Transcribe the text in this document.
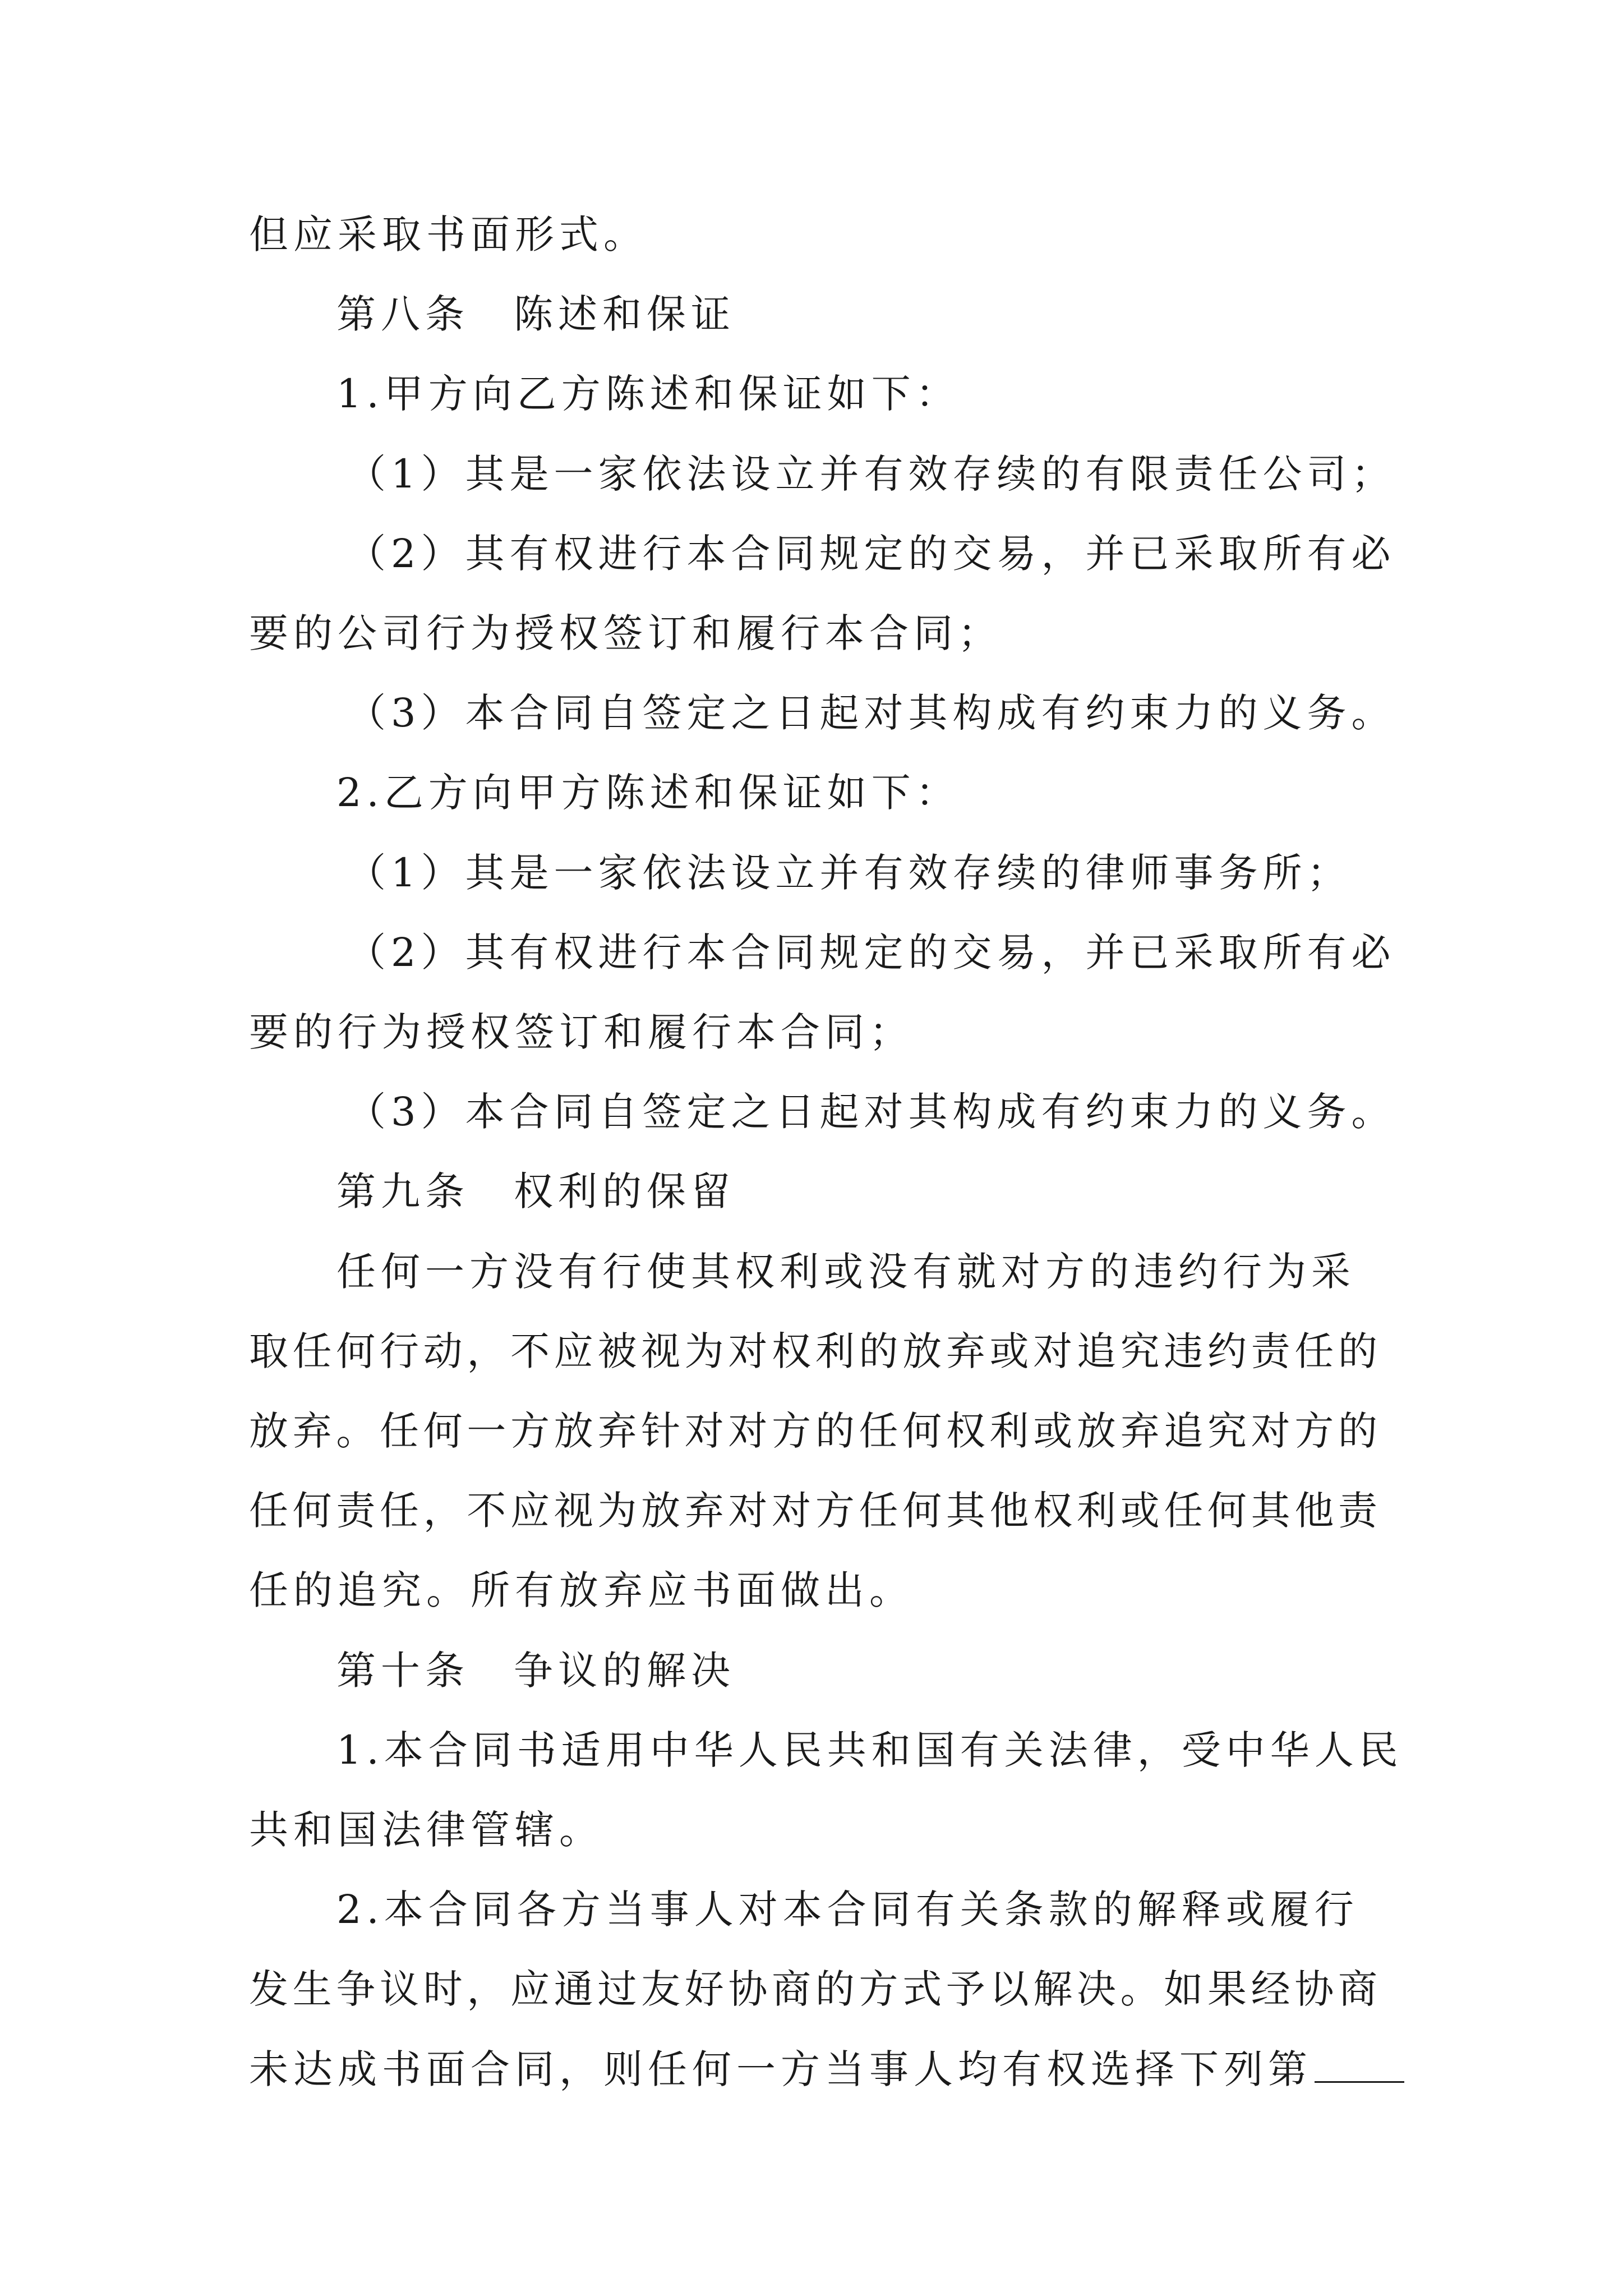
但应采取书面形式。
第八条　陈述和保证
1.甲方向乙方陈述和保证如下：
（1）其是一家依法设立并有效存续的有限责任公司；
（2）其有权进行本合同规定的交易，并已采取所有必
要的公司行为授权签订和履行本合同；
（3）本合同自签定之日起对其构成有约束力的义务。
2.乙方向甲方陈述和保证如下：
（1）其是一家依法设立并有效存续的律师事务所；
（2）其有权进行本合同规定的交易，并已采取所有必
要的行为授权签订和履行本合同；
（3）本合同自签定之日起对其构成有约束力的义务。
第九条　权利的保留
任何一方没有行使其权利或没有就对方的违约行为采
取任何行动，不应被视为对权利的放弃或对追究违约责任的
放弃。任何一方放弃针对对方的任何权利或放弃追究对方的
任何责任，不应视为放弃对对方任何其他权利或任何其他责
任的追究。所有放弃应书面做出。
第十条　争议的解决
1.本合同书适用中华人民共和国有关法律，受中华人民
共和国法律管辖。
2.本合同各方当事人对本合同有关条款的解释或履行
发生争议时，应通过友好协商的方式予以解决。如果经协商
未达成书面合同，则任何一方当事人均有权选择下列第
